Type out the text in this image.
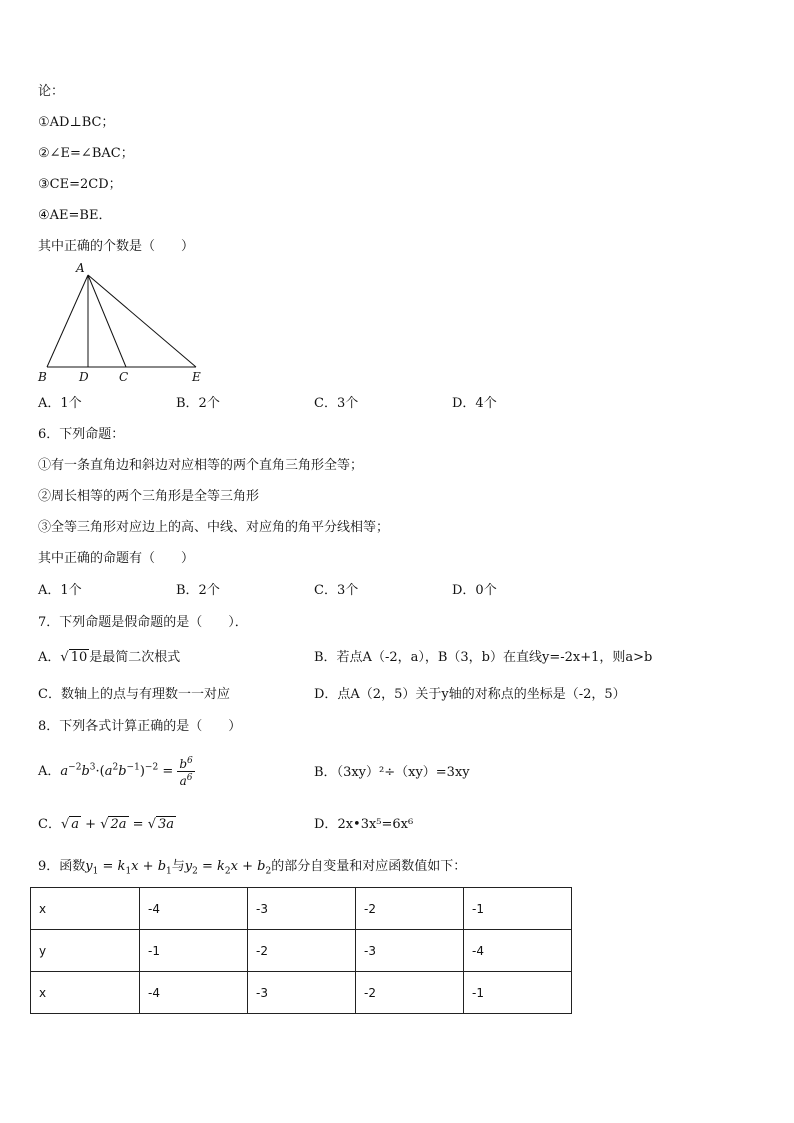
论：
①AD⊥BC；
②∠E=∠BAC；
③CE=2CD；
④AE=BE．
其中正确的个数是（　　）
A
B	D	C	E
A．1个	B．2个	C．3个	D．4个
6．下列命题：
①有一条直角边和斜边对应相等的两个直角三角形全等；
②周长相等的两个三角形是全等三角形
③全等三角形对应边上的高、中线、对应角的角平分线相等；
其中正确的命题有（　　）
A．1个	B．2个	C．3个	D．0个
7．下列命题是假命题的是（　　）．
A．√ 10 是最简二次根式	B．若点A（-2，a），B（3，b）在直线y=-2x+1，则a>b
C．数轴上的点与有理数一一对应	D．点A（2，5）关于y轴的对称点的坐标是（-2，5）
8．下列各式计算正确的是（　　）
A．$a^{-2}b^3\cdot(a^2b^{-1})^{-2} = \frac{b^6}{a^6}$	B．（3xy）²÷（xy）=3xy
C．√ a + √ 2a = √ 3a	D．2x•3x⁵=6x⁶
9．函数$y_1 = k_1x + b_1$与$y_2 = k_2x + b_2$的部分自变量和对应函数值如下：
x	-4	-3	-2	-1
y	-1	-2	-3	-4
x	-4	-3	-2	-1
